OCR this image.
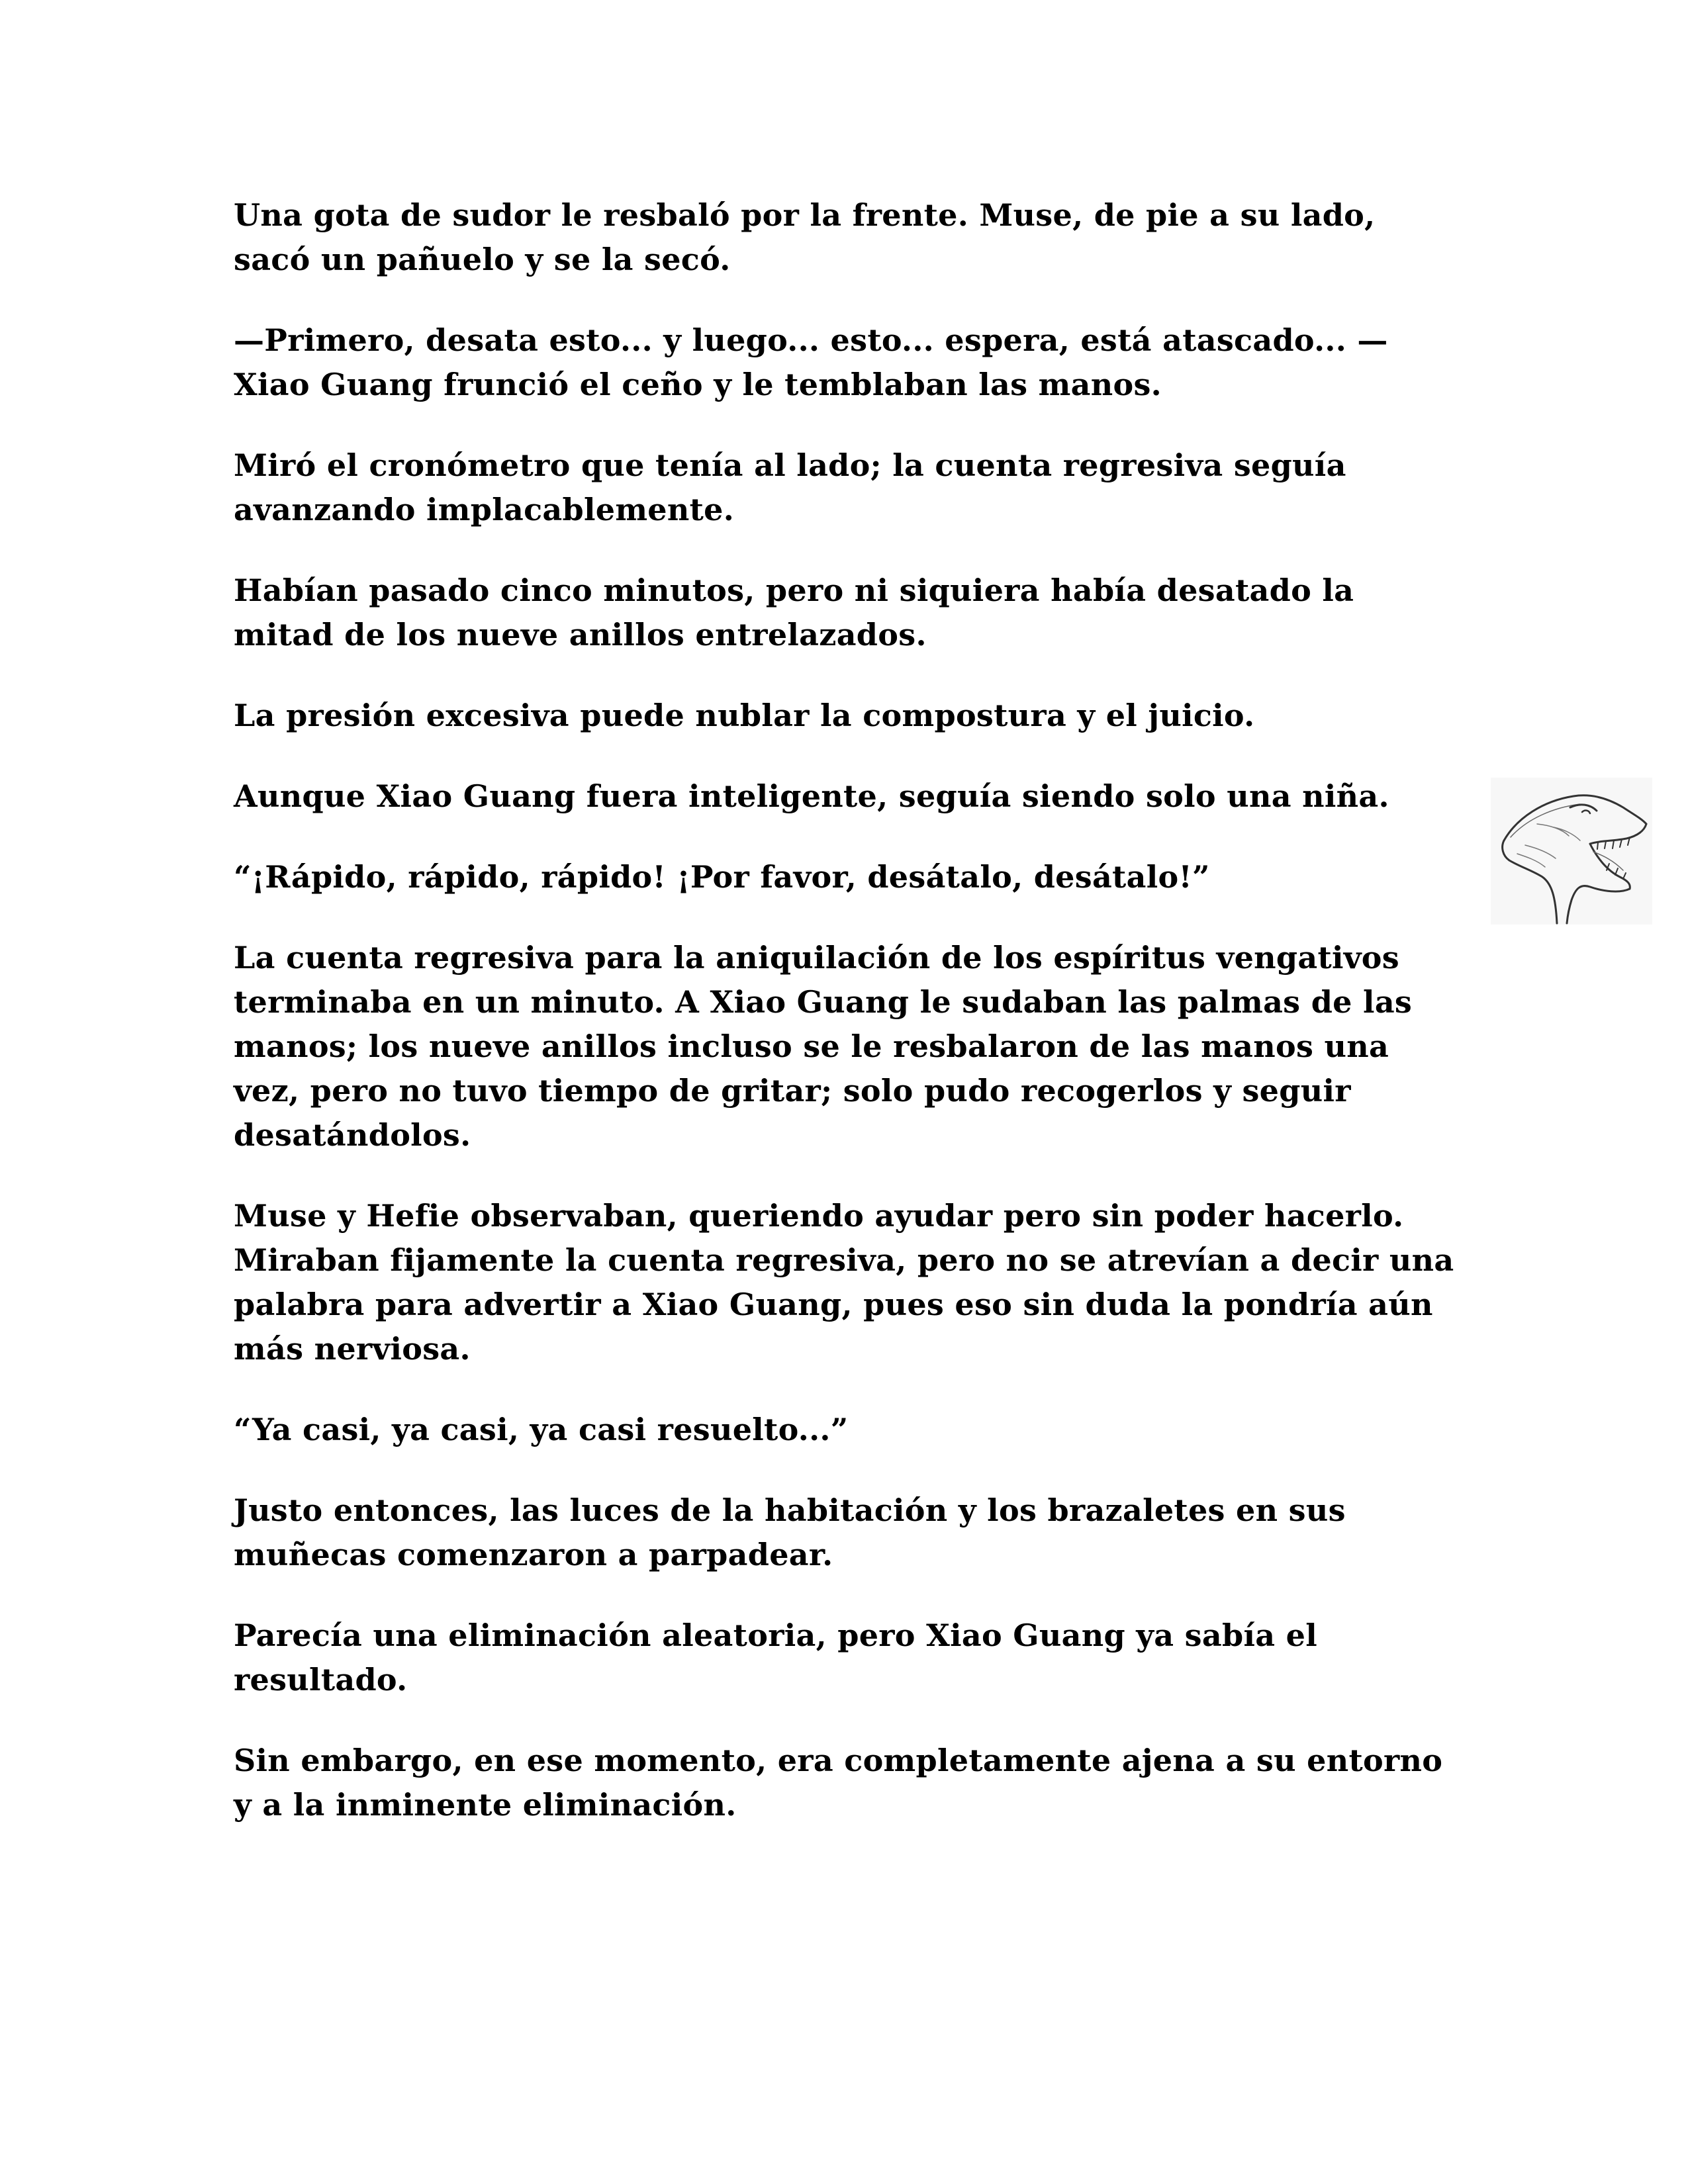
Una gota de sudor le resbaló por la frente. Muse, de pie a su lado, sacó un pañuelo y se la secó.

—Primero, desata esto... y luego... esto... espera, está atascado... —Xiao Guang frunció el ceño y le temblaban las manos.

Miró el cronómetro que tenía al lado; la cuenta regresiva seguía avanzando implacablemente.

Habían pasado cinco minutos, pero ni siquiera había desatado la mitad de los nueve anillos entrelazados.

La presión excesiva puede nublar la compostura y el juicio.

Aunque Xiao Guang fuera inteligente, seguía siendo solo una niña.

“¡Rápido, rápido, rápido! ¡Por favor, desátalo, desátalo!”

La cuenta regresiva para la aniquilación de los espíritus vengativos terminaba en un minuto. A Xiao Guang le sudaban las palmas de las manos; los nueve anillos incluso se le resbalaron de las manos una vez, pero no tuvo tiempo de gritar; solo pudo recogerlos y seguir desatándolos.

Muse y Hefie observaban, queriendo ayudar pero sin poder hacerlo. Miraban fijamente la cuenta regresiva, pero no se atrevían a decir una palabra para advertir a Xiao Guang, pues eso sin duda la pondría aún más nerviosa.

“Ya casi, ya casi, ya casi resuelto...”

Justo entonces, las luces de la habitación y los brazaletes en sus muñecas comenzaron a parpadear.

Parecía una eliminación aleatoria, pero Xiao Guang ya sabía el resultado.

Sin embargo, en ese momento, era completamente ajena a su entorno y a la inminente eliminación.
